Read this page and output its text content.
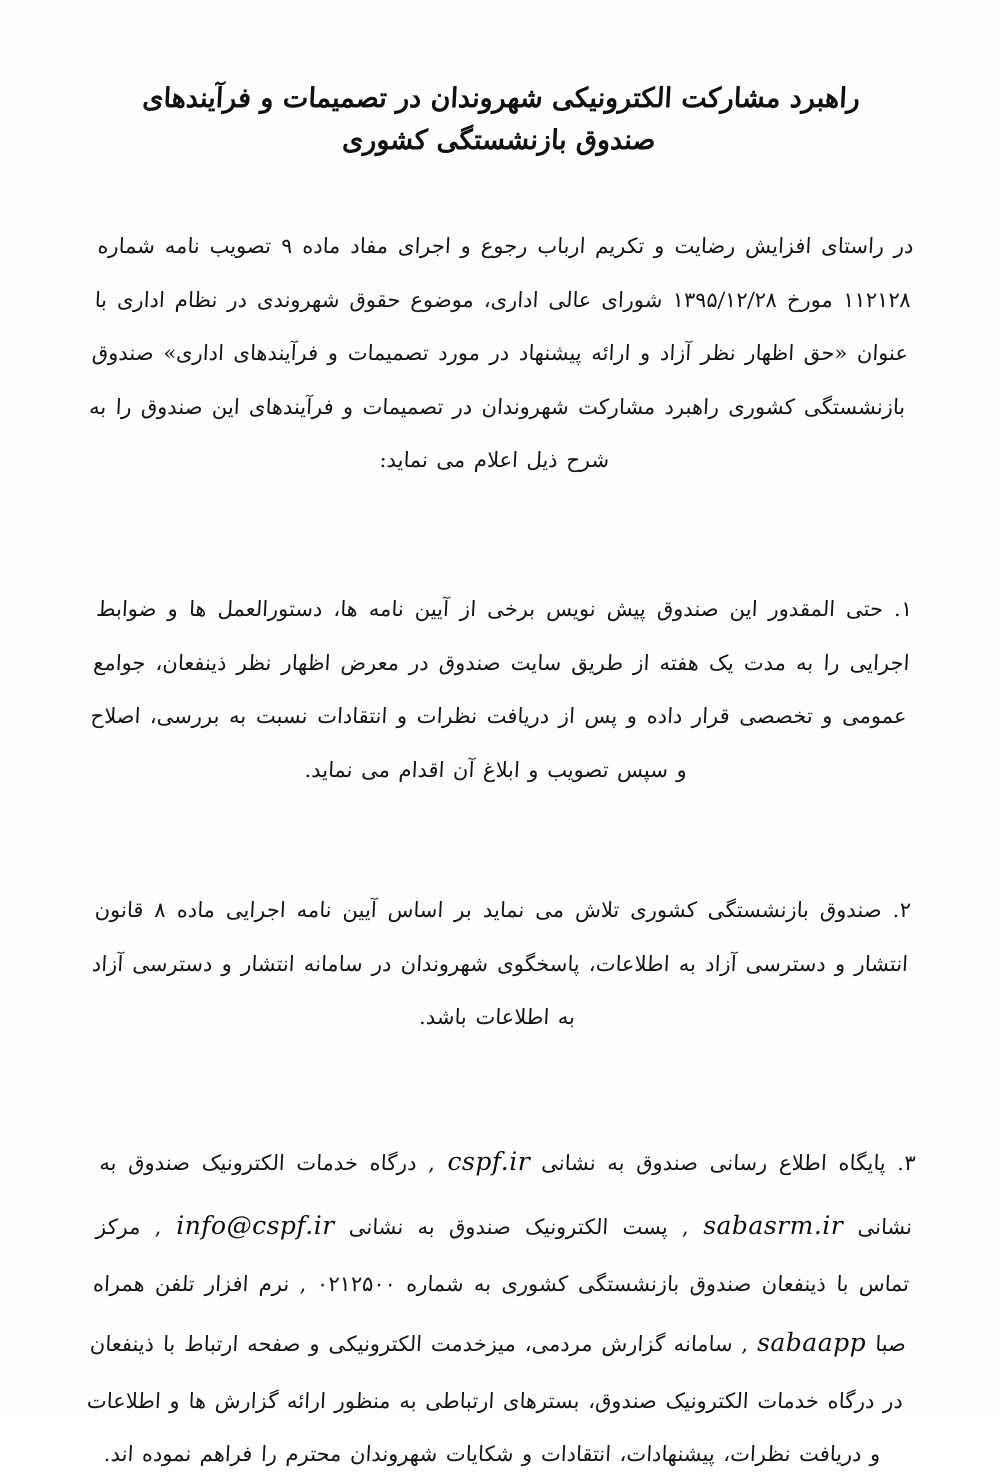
راهبرد مشارکت الکترونیکی شهروندان در تصمیمات و فرآیندهای صندوق بازنشستگی کشوری
در راستای افزایش رضایت و تکریم ارباب رجوع و اجرای مفاد ماده ۹ تصویب نامه شماره ۱۱۲۱۲۸ مورخ ۱۳۹۵/۱۲/۲۸ شورای عالی اداری، موضوع حقوق شهروندی در نظام اداری با عنوان «حق اظهار نظر آزاد و ارائه پیشنهاد در مورد تصمیمات و فرآیندهای اداری» صندوق بازنشستگی کشوری راهبرد مشارکت شهروندان در تصمیمات و فرآیندهای این صندوق را به شرح ذیل اعلام می نماید:

۱. حتی المقدور این صندوق پیش نویس برخی از آیین نامه ها، دستورالعمل ها و ضوابط اجرایی را به مدت یک هفته از طریق سایت صندوق در معرض اظهار نظر ذینفعان، جوامع عمومی و تخصصی قرار داده و پس از دریافت نظرات و انتقادات نسبت به بررسی، اصلاح و سپس تصویب و ابلاغ آن اقدام می نماید.

۲. صندوق بازنشستگی کشوری تلاش می نماید بر اساس آیین نامه اجرایی ماده ۸ قانون انتشار و دسترسی آزاد به اطلاعات، پاسخگوی شهروندان در سامانه انتشار و دسترسی آزاد به اطلاعات باشد.

۳. پایگاه اطلاع رسانی صندوق به نشانی cspf.ir , درگاه خدمات الکترونیک صندوق به نشانی sabasrm.ir , پست الکترونیک صندوق به نشانی info@cspf.ir , مرکز تماس با ذینفعان صندوق بازنشستگی کشوری به شماره ۰۲۱۲۵۰۰ , نرم افزار تلفن همراه صبا sabaapp , سامانه گزارش مردمی، میزخدمت الکترونیکی و صفحه ارتباط با ذینفعان در درگاه خدمات الکترونیک صندوق، بسترهای ارتباطی به منظور ارائه گزارش ها و اطلاعات و دریافت نظرات، پیشنهادات، انتقادات و شکایات شهروندان محترم را فراهم نموده اند.
